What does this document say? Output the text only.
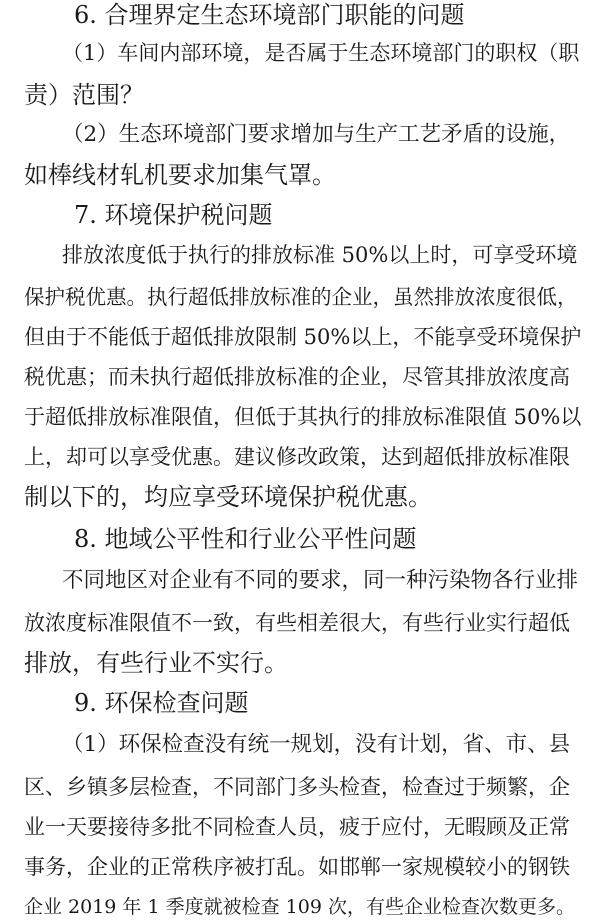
6. 合理界定生态环境部门职能的问题

（1）车间内部环境，是否属于生态环境部门的职权（职

责）范围？

（2）生态环境部门要求增加与生产工艺矛盾的设施，

如棒线材轧机要求加集气罩。

7. 环境保护税问题

排放浓度低于执行的排放标准 50%以上时，可享受环境

保护税优惠。执行超低排放标准的企业，虽然排放浓度很低，

但由于不能低于超低排放限制 50%以上，不能享受环境保护

税优惠；而未执行超低排放标准的企业，尽管其排放浓度高

于超低排放标准限值，但低于其执行的排放标准限值 50%以

上，却可以享受优惠。建议修改政策，达到超低排放标准限

制以下的，均应享受环境保护税优惠。

8. 地域公平性和行业公平性问题

不同地区对企业有不同的要求，同一种污染物各行业排

放浓度标准限值不一致，有些相差很大，有些行业实行超低

排放，有些行业不实行。

9. 环保检查问题

（1）环保检查没有统一规划，没有计划，省、市、县

区、乡镇多层检查，不同部门多头检查，检查过于频繁，企

业一天要接待多批不同检查人员，疲于应付，无暇顾及正常

事务，企业的正常秩序被打乱。如邯郸一家规模较小的钢铁

企业 2019 年 1 季度就被检查 109 次，有些企业检查次数更多。
